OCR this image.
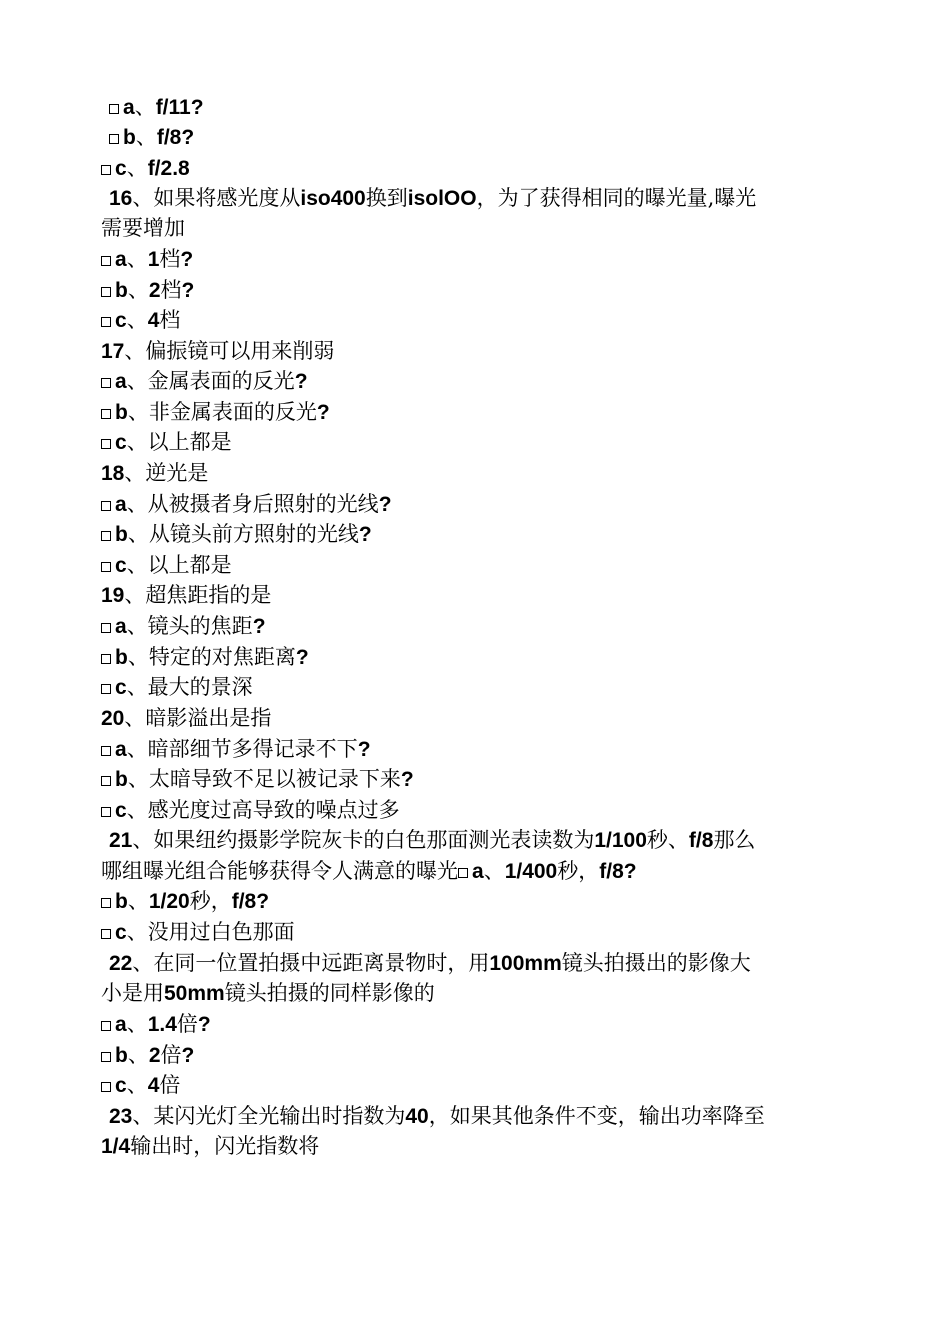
a、f/11?
b、f/8?
c、f/2.8
16、如果将感光度从iso400换到isolOO，为了获得相同的曝光量,曝光
需要增加
a、1档?
b、2档?
c、4档
17、偏振镜可以用来削弱
a、金属表面的反光?
b、非金属表面的反光?
c、以上都是
18、逆光是
a、从被摄者身后照射的光线?
b、从镜头前方照射的光线?
c、以上都是
19、超焦距指的是
a、镜头的焦距?
b、特定的对焦距离?
c、最大的景深
20、暗影溢出是指
a、暗部细节多得记录不下?
b、太暗导致不足以被记录下来?
c、感光度过高导致的噪点过多
21、如果纽约摄影学院灰卡的白色那面测光表读数为1/100秒、f/8那么
哪组曝光组合能够获得令人满意的曝光 a、1/400秒，f/8?
b、1/20秒，f/8?
c、没用过白色那面
22、在同一位置拍摄中远距离景物时，用100mm镜头拍摄出的影像大
小是用50mm镜头拍摄的同样影像的
a、1.4倍?
b、2倍?
c、4倍
23、某闪光灯全光输出时指数为40，如果其他条件不变，输出功率降至
1/4输出时，闪光指数将
